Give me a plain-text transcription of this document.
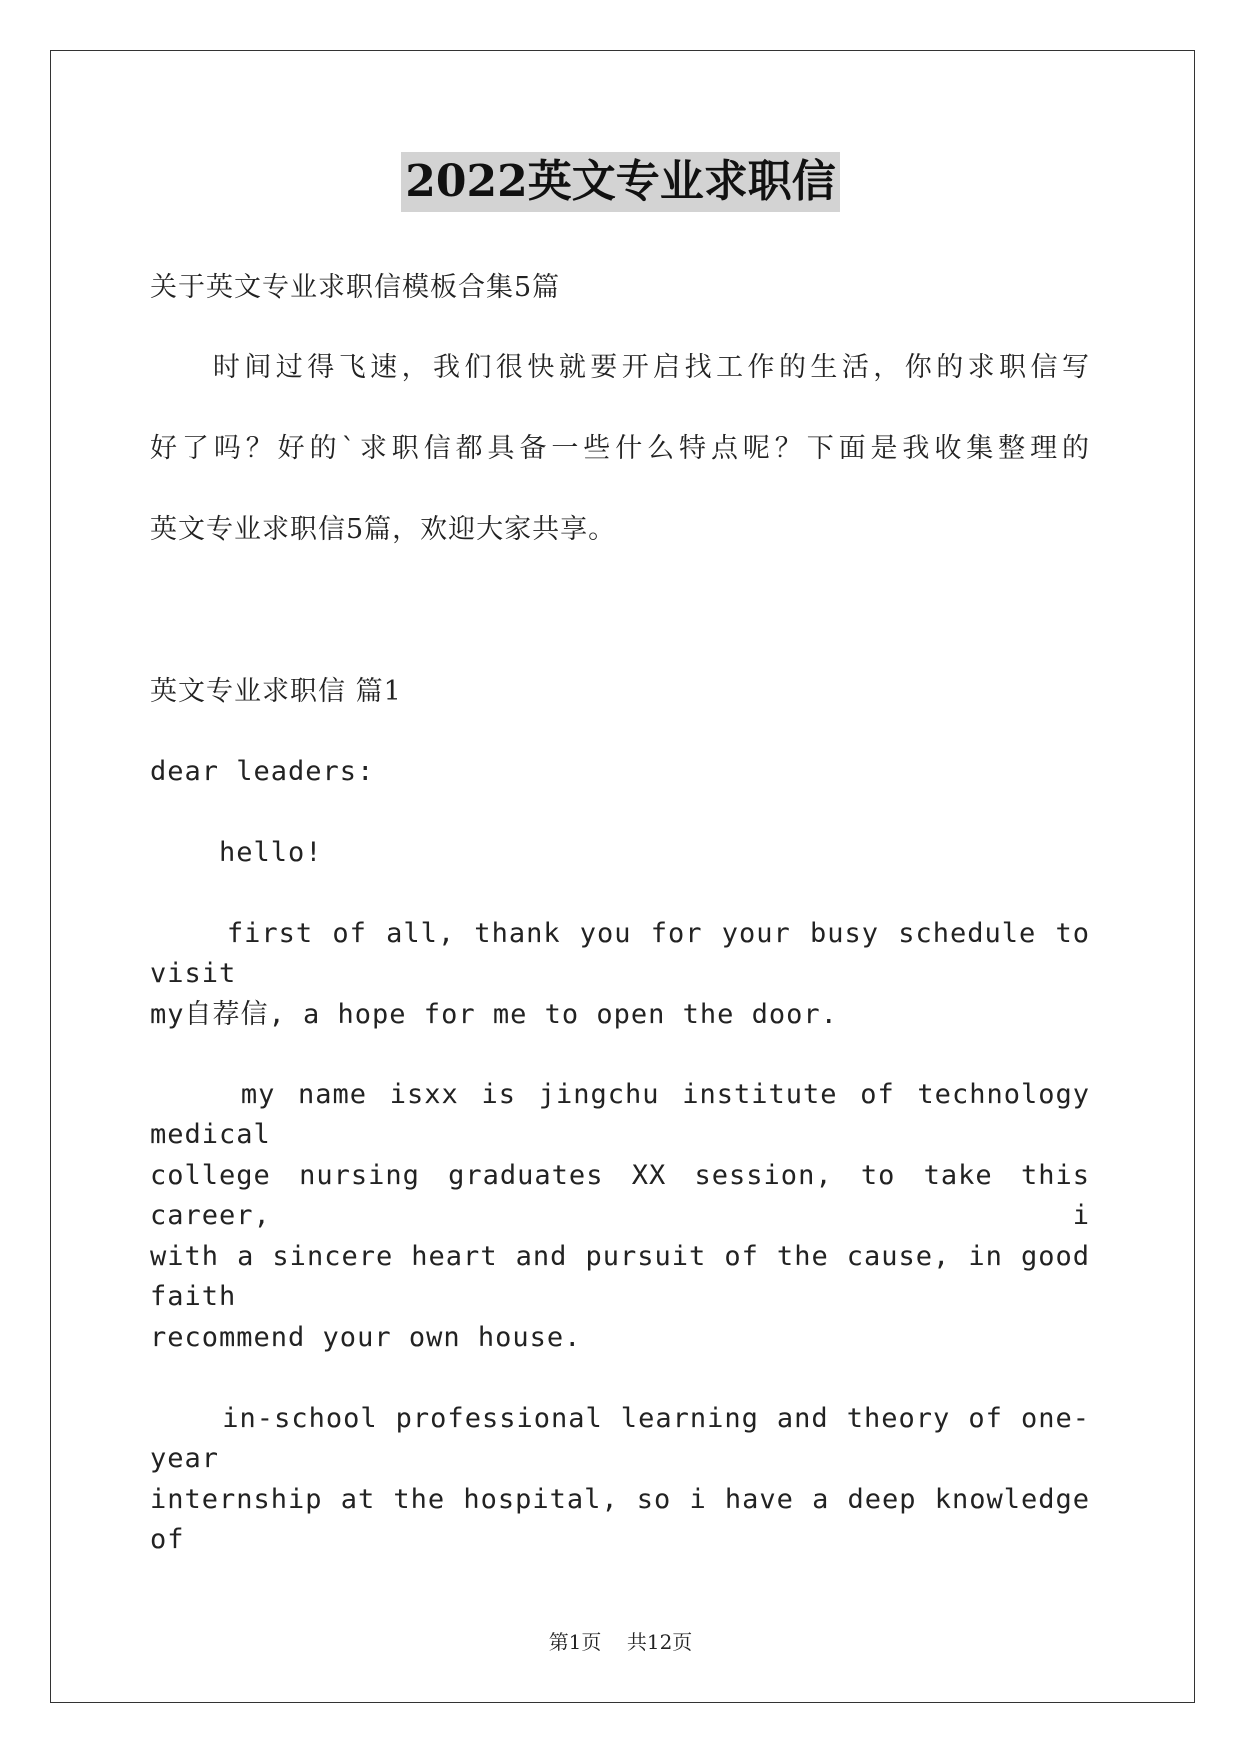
2022英文专业求职信
关于英文专业求职信模板合集5篇
　　时间过得飞速，我们很快就要开启找工作的生活，你的求职信写
好了吗？好的`求职信都具备一些什么特点呢？下面是我收集整理的
英文专业求职信5篇，欢迎大家共享。
英文专业求职信 篇1
dear leaders:
hello!
first of all, thank you for your busy schedule to visit
my自荐信, a hope for me to open the door.
my name isxx is jingchu institute of technology medical
college nursing graduates XX session, to take this career, i
with a sincere heart and pursuit of the cause, in good faith
recommend your own house.
in-school professional learning and theory of one-year
internship at the hospital, so i have a deep knowledge of
第1页 共12页
